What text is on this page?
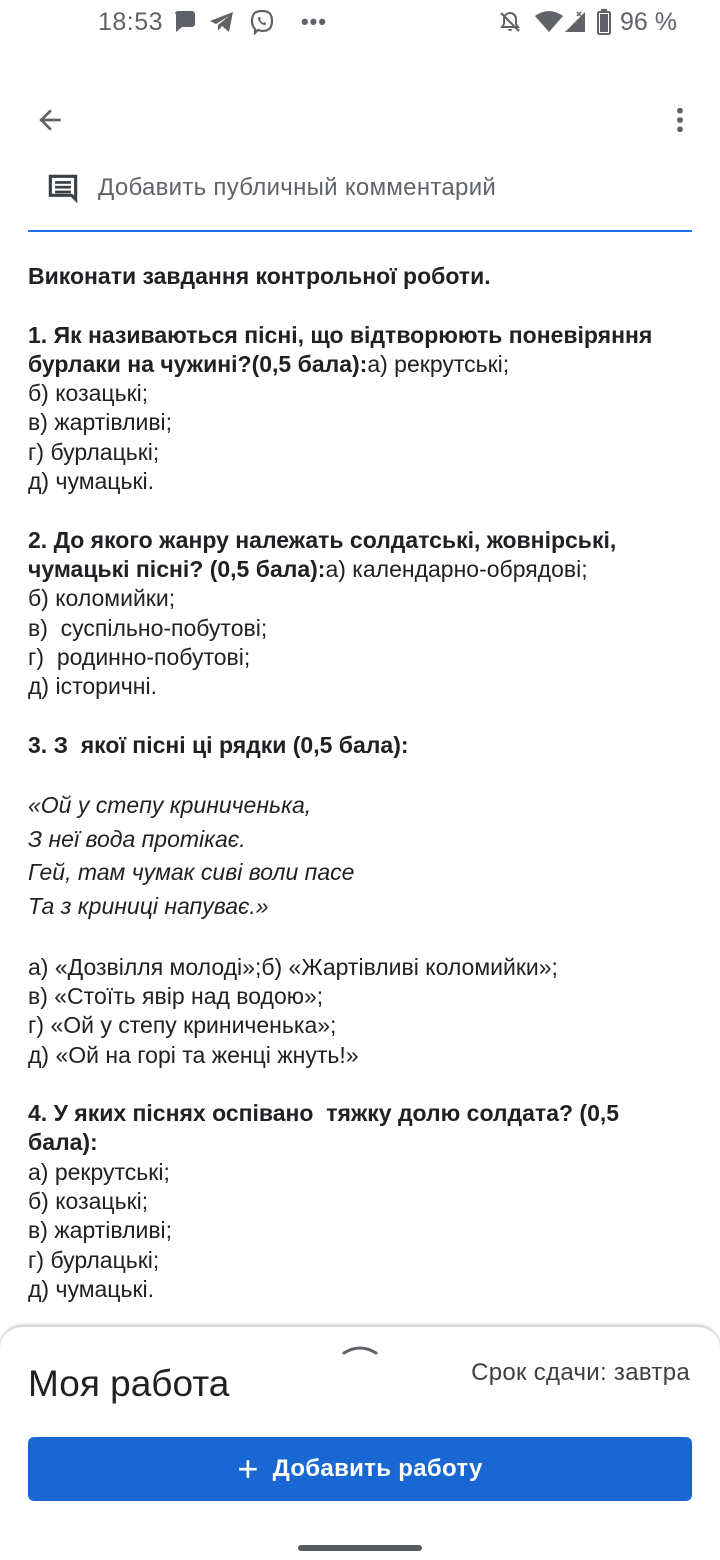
18:53	•••	96 %
Добавить публичный комментарий
Виконати завдання контрольної роботи.
1. Як називаються пісні, що відтворюють поневіряння
бурлаки на чужині?(0,5 бала):а) рекрутські;
б) козацькі;
в) жартівливі;
г) бурлацькі;
д) чумацькі.
2. До якого жанру належать солдатські, жовнірські,
чумацькі пісні? (0,5 бала):а) календарно-обрядові;
б) коломийки;
в)  суспільно-побутові;
г)  родинно-побутові;
д) історичні.
3. З  якої пісні ці рядки (0,5 бала):
«Ой у степу криниченька,
З неї вода протікає.
Гей, там чумак сиві воли пасе
Та з криниці напуває.»
а) «Дозвілля молоді»;б) «Жартівливі коломийки»;
в) «Стоїть явір над водою»;
г) «Ой у степу криниченька»;
д) «Ой на горі та женці жнуть!»
4. У яких піснях оспівано  тяжку долю солдата? (0,5
бала):
а) рекрутські;
б) козацькі;
в) жартівливі;
г) бурлацькі;
д) чумацькі.
Моя работа	Срок сдачи: завтра
+ Добавить работу
